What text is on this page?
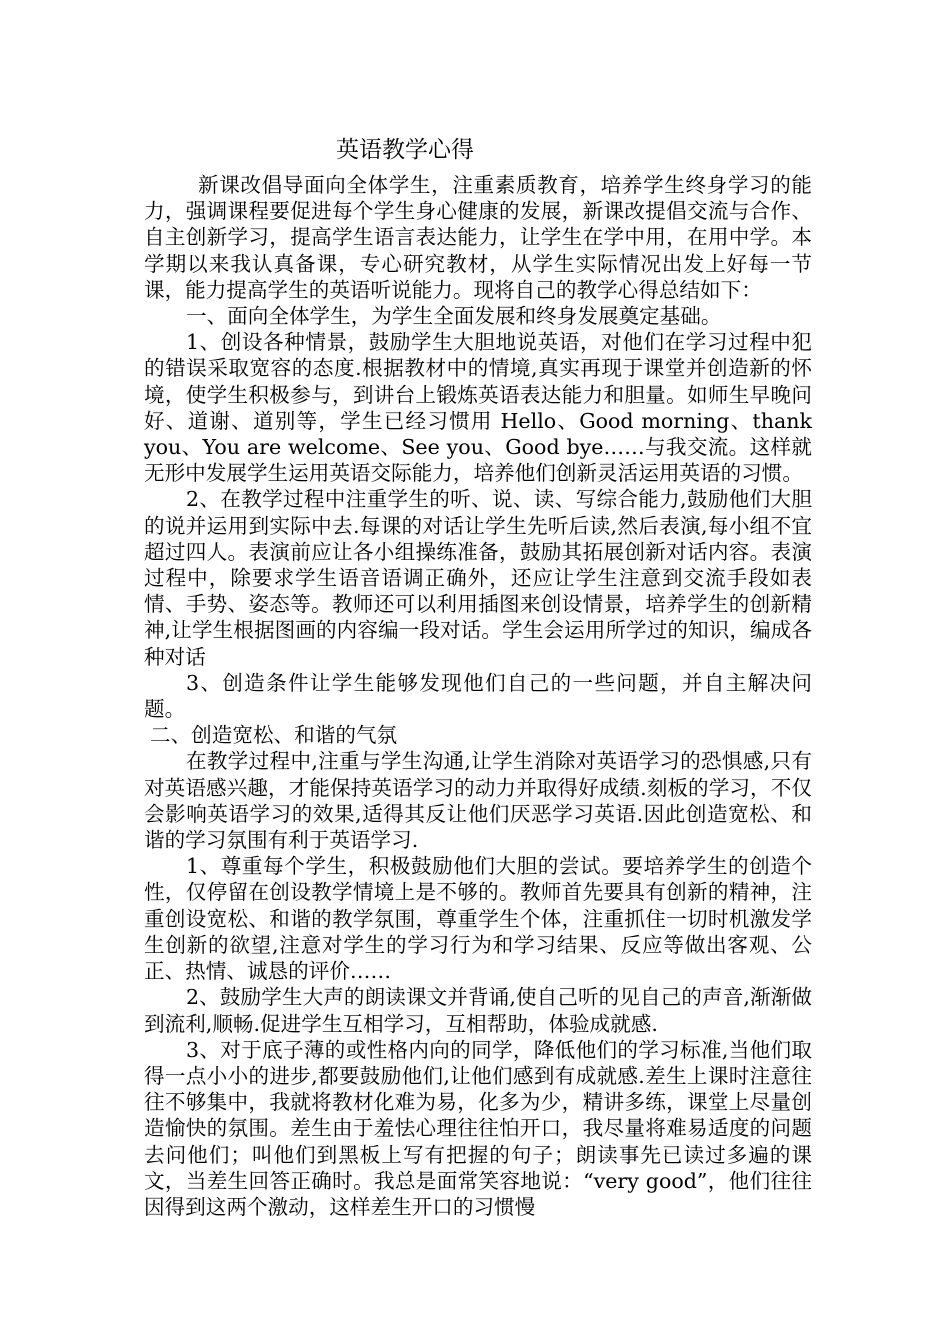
英语教学心得

新课改倡导面向全体学生，注重素质教育，培养学生终身学习的能力，强调课程要促进每个学生身心健康的发展，新课改提倡交流与合作、自主创新学习，提高学生语言表达能力，让学生在学中用，在用中学。本学期以来我认真备课，专心研究教材，从学生实际情况出发上好每一节课，能力提高学生的英语听说能力。现将自己的教学心得总结如下：

一、面向全体学生，为学生全面发展和终身发展奠定基础。

1、创设各种情景，鼓励学生大胆地说英语，对他们在学习过程中犯的错误采取宽容的态度.根据教材中的情境,真实再现于课堂并创造新的怀境，使学生积极参与，到讲台上锻炼英语表达能力和胆量。如师生早晚问好、道谢、道别等，学生已经习惯用 Hello、Good morning、thank you、You are welcome、See you、Good bye……与我交流。这样就无形中发展学生运用英语交际能力，培养他们创新灵活运用英语的习惯。

2、在教学过程中注重学生的听、说、读、写综合能力,鼓励他们大胆的说并运用到实际中去.每课的对话让学生先听后读,然后表演,每小组不宜超过四人。表演前应让各小组操练准备，鼓励其拓展创新对话内容。表演过程中，除要求学生语音语调正确外，还应让学生注意到交流手段如表情、手势、姿态等。教师还可以利用插图来创设情景，培养学生的创新精神,让学生根据图画的内容编一段对话。学生会运用所学过的知识，编成各种对话

3、创造条件让学生能够发现他们自己的一些问题，并自主解决问题。

二、创造宽松、和谐的气氛

在教学过程中,注重与学生沟通,让学生消除对英语学习的恐惧感,只有对英语感兴趣，才能保持英语学习的动力并取得好成绩.刻板的学习，不仅会影响英语学习的效果,适得其反让他们厌恶学习英语.因此创造宽松、和谐的学习氛围有利于英语学习.

1、尊重每个学生，积极鼓励他们大胆的尝试。要培养学生的创造个性，仅停留在创设教学情境上是不够的。教师首先要具有创新的精神，注重创设宽松、和谐的教学氛围，尊重学生个体，注重抓住一切时机激发学生创新的欲望,注意对学生的学习行为和学习结果、反应等做出客观、公正、热情、诚恳的评价……

2、鼓励学生大声的朗读课文并背诵,使自己听的见自己的声音,渐渐做到流利,顺畅.促进学生互相学习，互相帮助，体验成就感.

3、对于底子薄的或性格内向的同学，降低他们的学习标准,当他们取得一点小小的进步,都要鼓励他们,让他们感到有成就感.差生上课时注意往往不够集中，我就将教材化难为易，化多为少，精讲多练，课堂上尽量创造愉快的氛围。差生由于羞怯心理往往怕开口，我尽量将难易适度的问题去问他们；叫他们到黑板上写有把握的句子；朗读事先已读过多遍的课文，当差生回答正确时。我总是面常笑容地说：“very good”，他们往往因得到这两个激动，这样差生开口的习惯慢
